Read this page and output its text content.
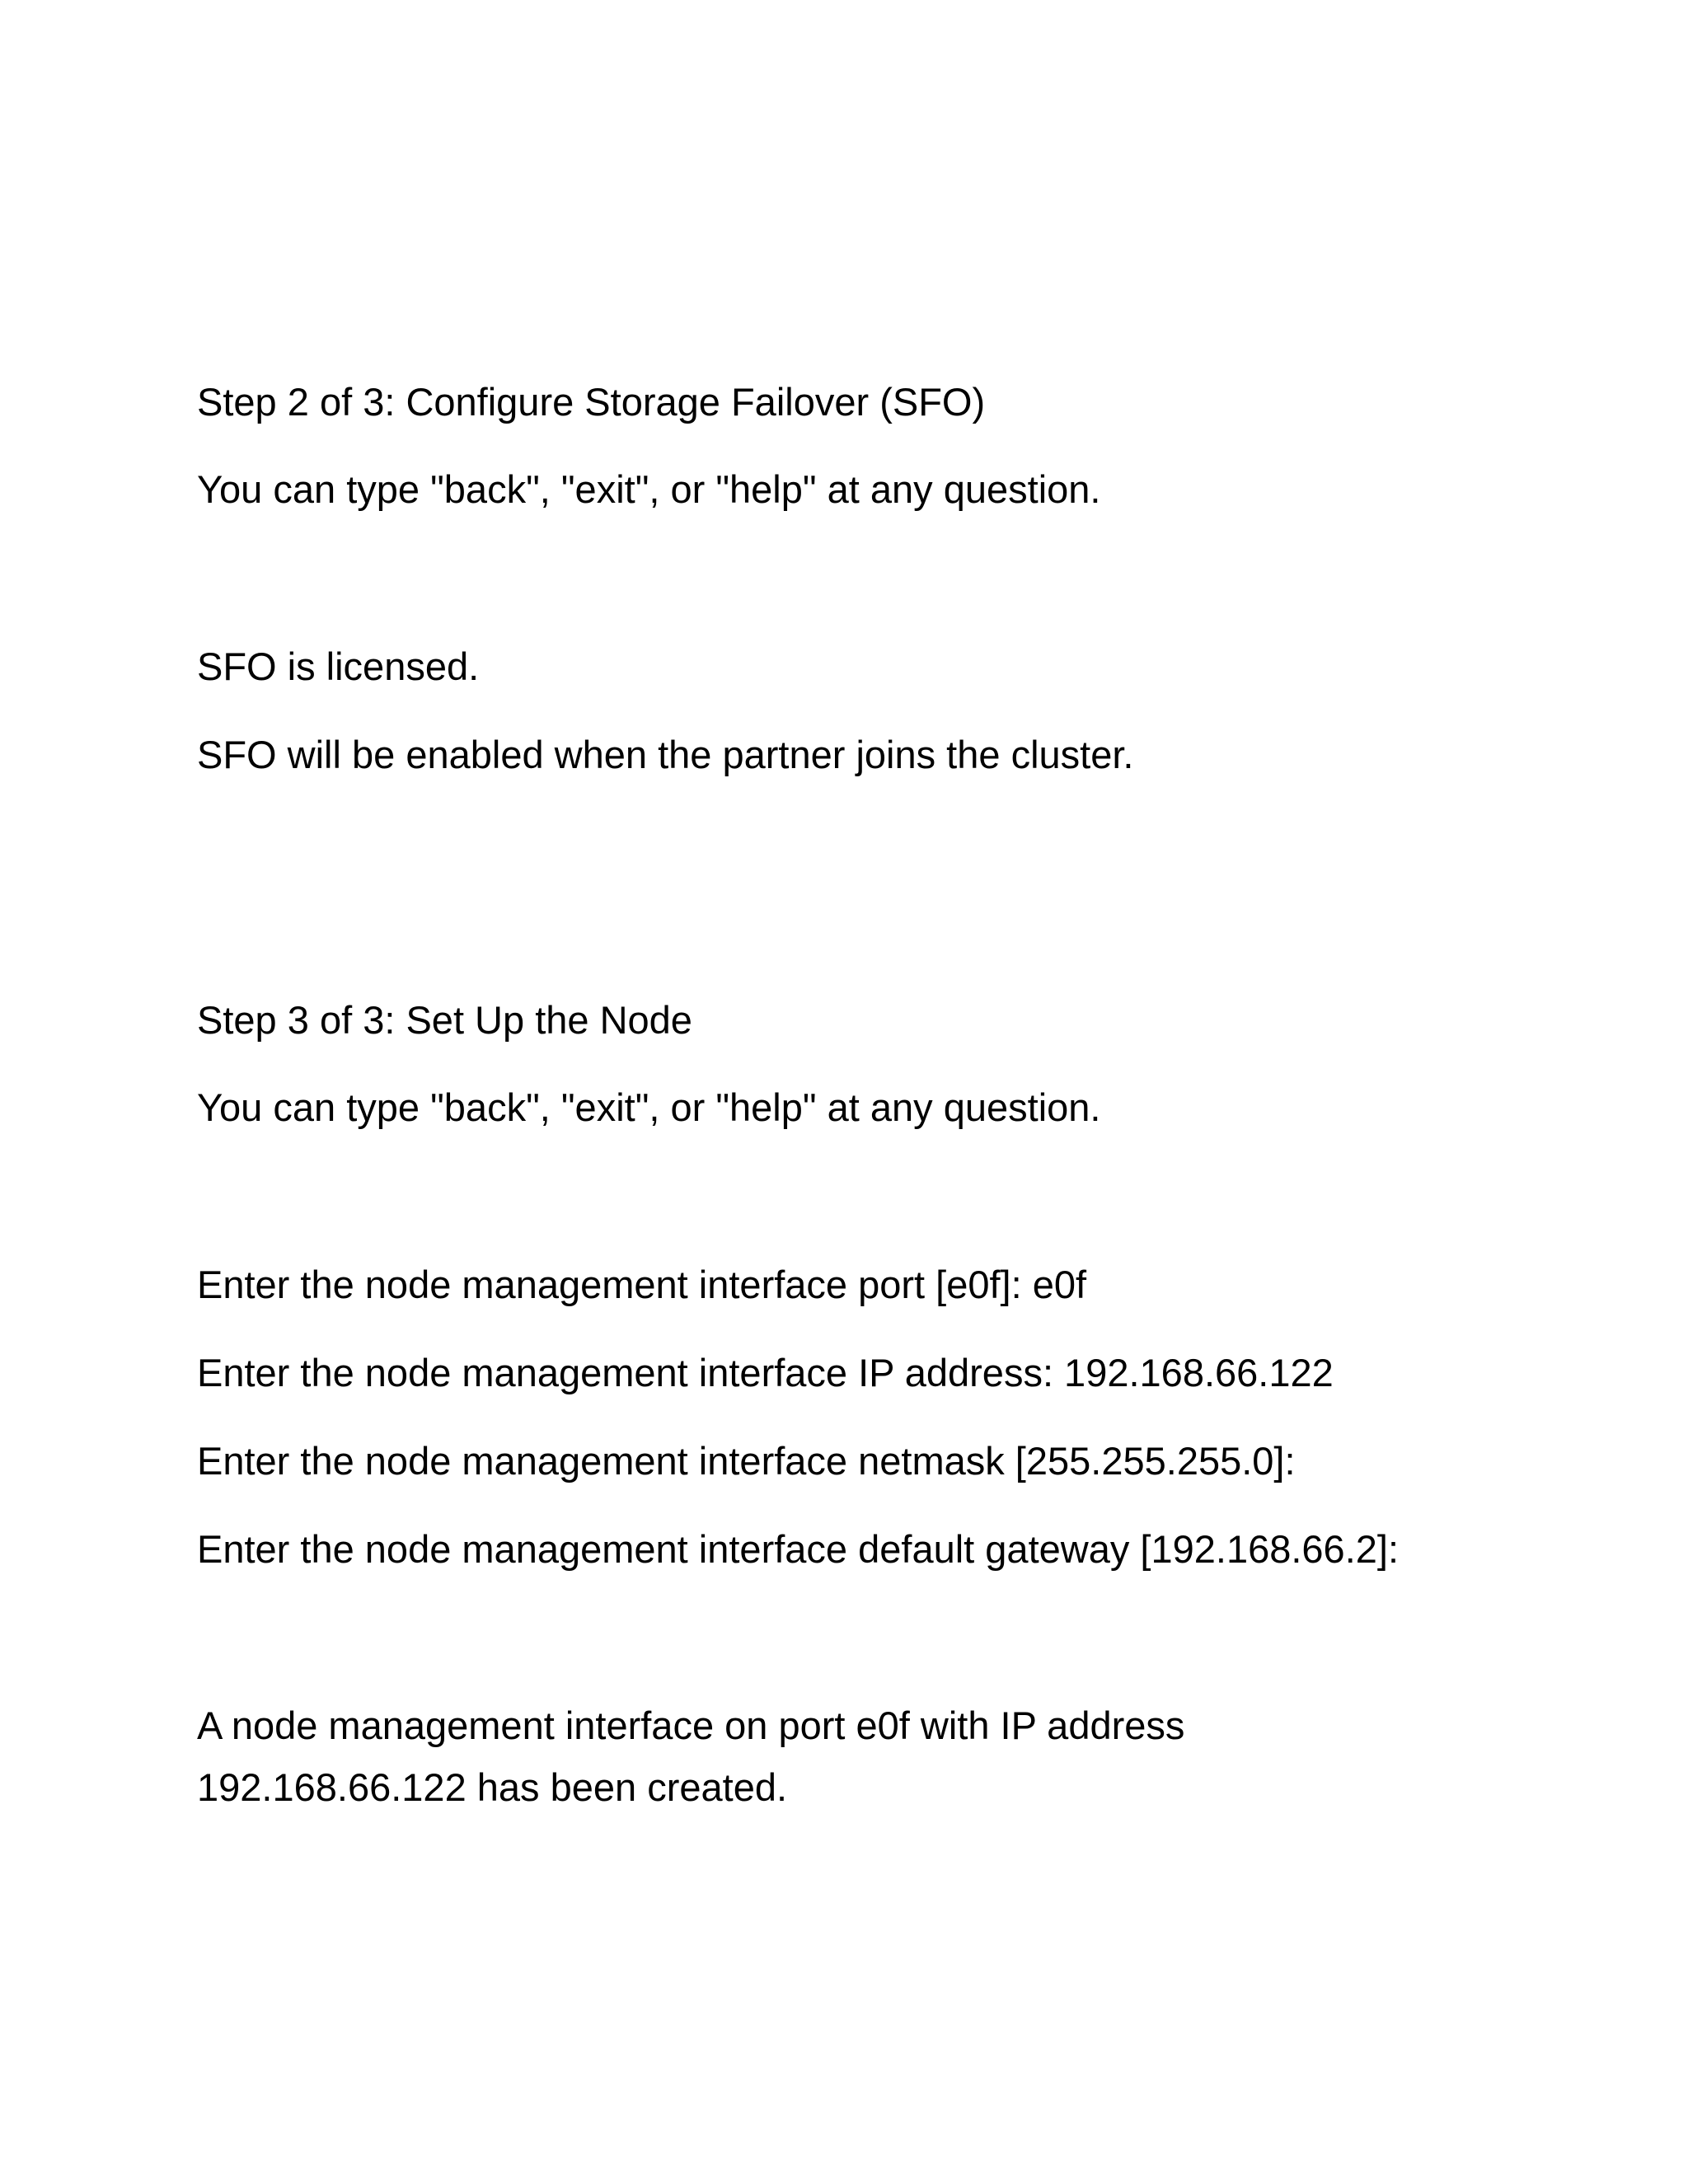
Step 2 of 3: Configure Storage Failover (SFO)

You can type "back", "exit", or "help" at any question.

SFO is licensed.

SFO will be enabled when the partner joins the cluster.

Step 3 of 3: Set Up the Node

You can type "back", "exit", or "help" at any question.

Enter the node management interface port [e0f]: e0f

Enter the node management interface IP address: 192.168.66.122

Enter the node management interface netmask [255.255.255.0]:

Enter the node management interface default gateway [192.168.66.2]:

A node management interface on port e0f with IP address

192.168.66.122 has been created.
